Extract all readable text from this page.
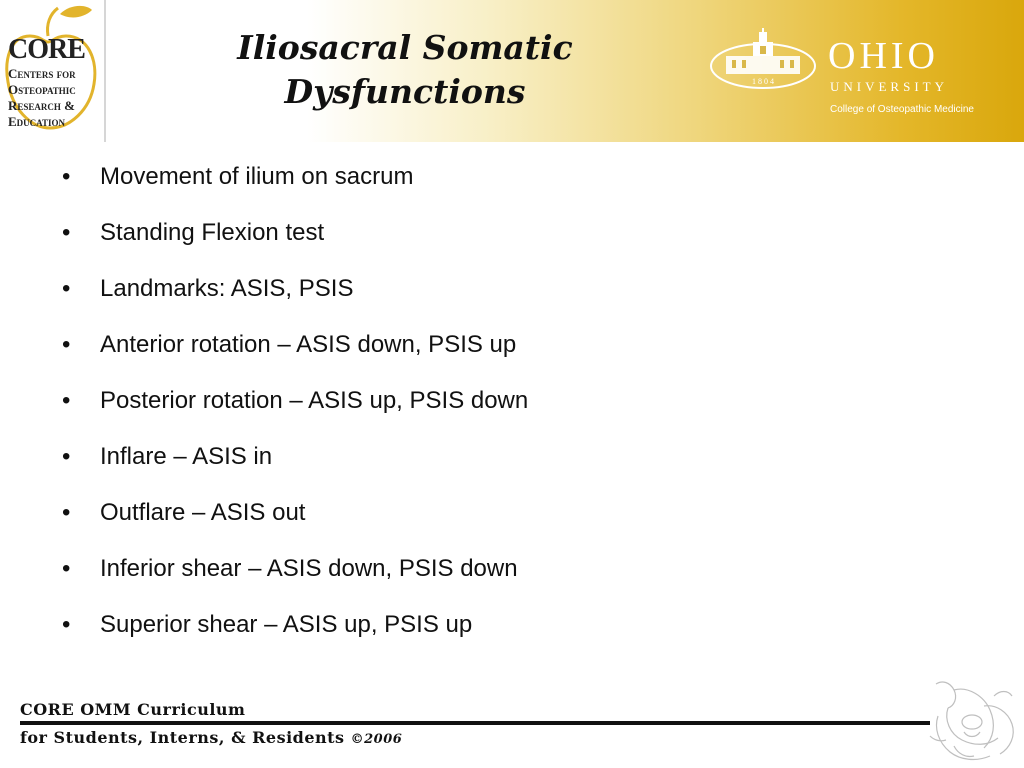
CORE
Centers for
Osteopathic
Research &
Education
Iliosacral Somatic
Dysfunctions	1 8 0 4
OHIO
UNIVERSITY
College of Osteopathic Medicine
• Movement of ilium on sacrum
• Standing Flexion test
• Landmarks: ASIS, PSIS
• Anterior rotation – ASIS down, PSIS up
• Posterior rotation – ASIS up, PSIS down
• Inflare – ASIS in
• Outflare – ASIS out
• Inferior shear – ASIS down, PSIS down
• Superior shear – ASIS up, PSIS up
CORE OMM Curriculum
for Students, Interns, & Residents ©2006
